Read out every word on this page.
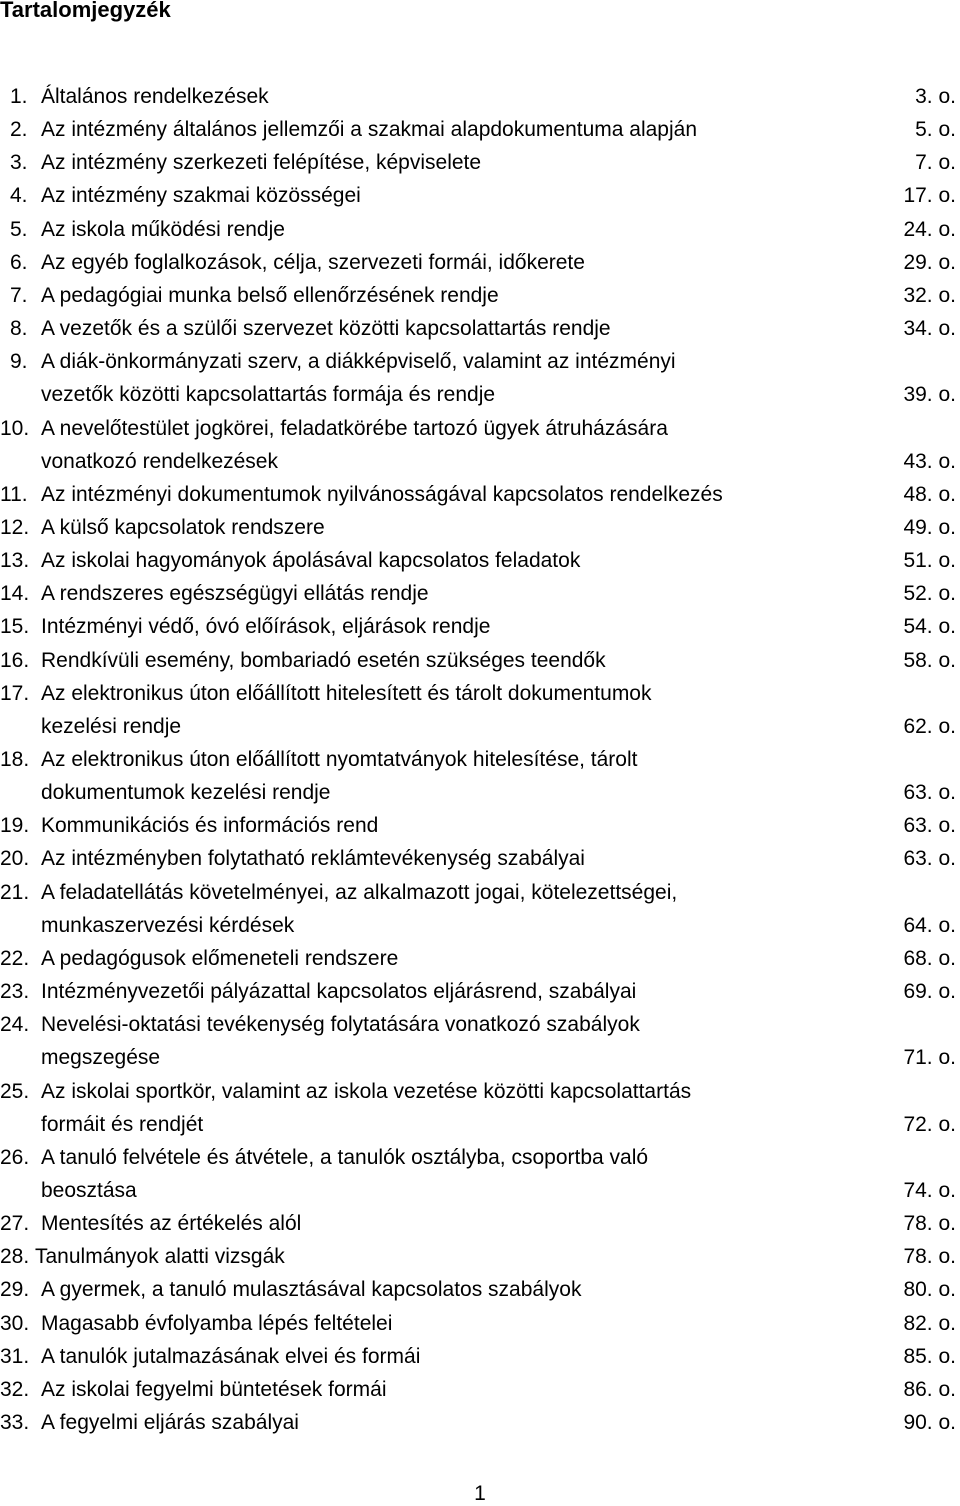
Tartalomjegyzék
1. Általános rendelkezések	3. o.
2. Az intézmény általános jellemzői a szakmai alapdokumentuma alapján	5. o.
3. Az intézmény szerkezeti felépítése, képviselete	7. o.
4. Az intézmény szakmai közösségei	17. o.
5. Az iskola működési rendje	24. o.
6. Az egyéb foglalkozások, célja, szervezeti formái, időkerete	29. o.
7. A pedagógiai munka belső ellenőrzésének rendje	32. o.
8. A vezetők és a szülői szervezet közötti kapcsolattartás rendje	34. o.
9. A diák-önkormányzati szerv, a diákképviselő, valamint az intézményi
vezetők közötti kapcsolattartás formája és rendje	39. o.
10. A nevelőtestület jogkörei, feladatkörébe tartozó ügyek átruházására
vonatkozó rendelkezések	43. o.
11. Az intézményi dokumentumok nyilvánosságával kapcsolatos rendelkezés	48. o.
12. A külső kapcsolatok rendszere	49. o.
13. Az iskolai hagyományok ápolásával kapcsolatos feladatok	51. o.
14. A rendszeres egészségügyi ellátás rendje	52. o.
15. Intézményi védő, óvó előírások, eljárások rendje	54. o.
16. Rendkívüli esemény, bombariadó esetén szükséges teendők	58. o.
17. Az elektronikus úton előállított hitelesített és tárolt dokumentumok
kezelési rendje	62. o.
18. Az elektronikus úton előállított nyomtatványok hitelesítése, tárolt
dokumentumok kezelési rendje	63. o.
19. Kommunikációs és információs rend	63. o.
20. Az intézményben folytatható reklámtevékenység szabályai	63. o.
21. A feladatellátás követelményei, az alkalmazott jogai, kötelezettségei,
munkaszervezési kérdések	64. o.
22. A pedagógusok előmeneteli rendszere	68. o.
23. Intézményvezetői pályázattal kapcsolatos eljárásrend, szabályai	69. o.
24. Nevelési-oktatási tevékenység folytatására vonatkozó szabályok
megszegése	71. o.
25. Az iskolai sportkör, valamint az iskola vezetése közötti kapcsolattartás
formáit és rendjét	72. o.
26. A tanuló felvétele és átvétele, a tanulók osztályba, csoportba való
beosztása	74. o.
27. Mentesítés az értékelés alól	78. o.
28. Tanulmányok alatti vizsgák	78. o.
29. A gyermek, a tanuló mulasztásával kapcsolatos szabályok	80. o.
30. Magasabb évfolyamba lépés feltételei	82. o.
31. A tanulók jutalmazásának elvei és formái	85. o.
32. Az iskolai fegyelmi büntetések formái	86. o.
33. A fegyelmi eljárás szabályai	90. o.
1
